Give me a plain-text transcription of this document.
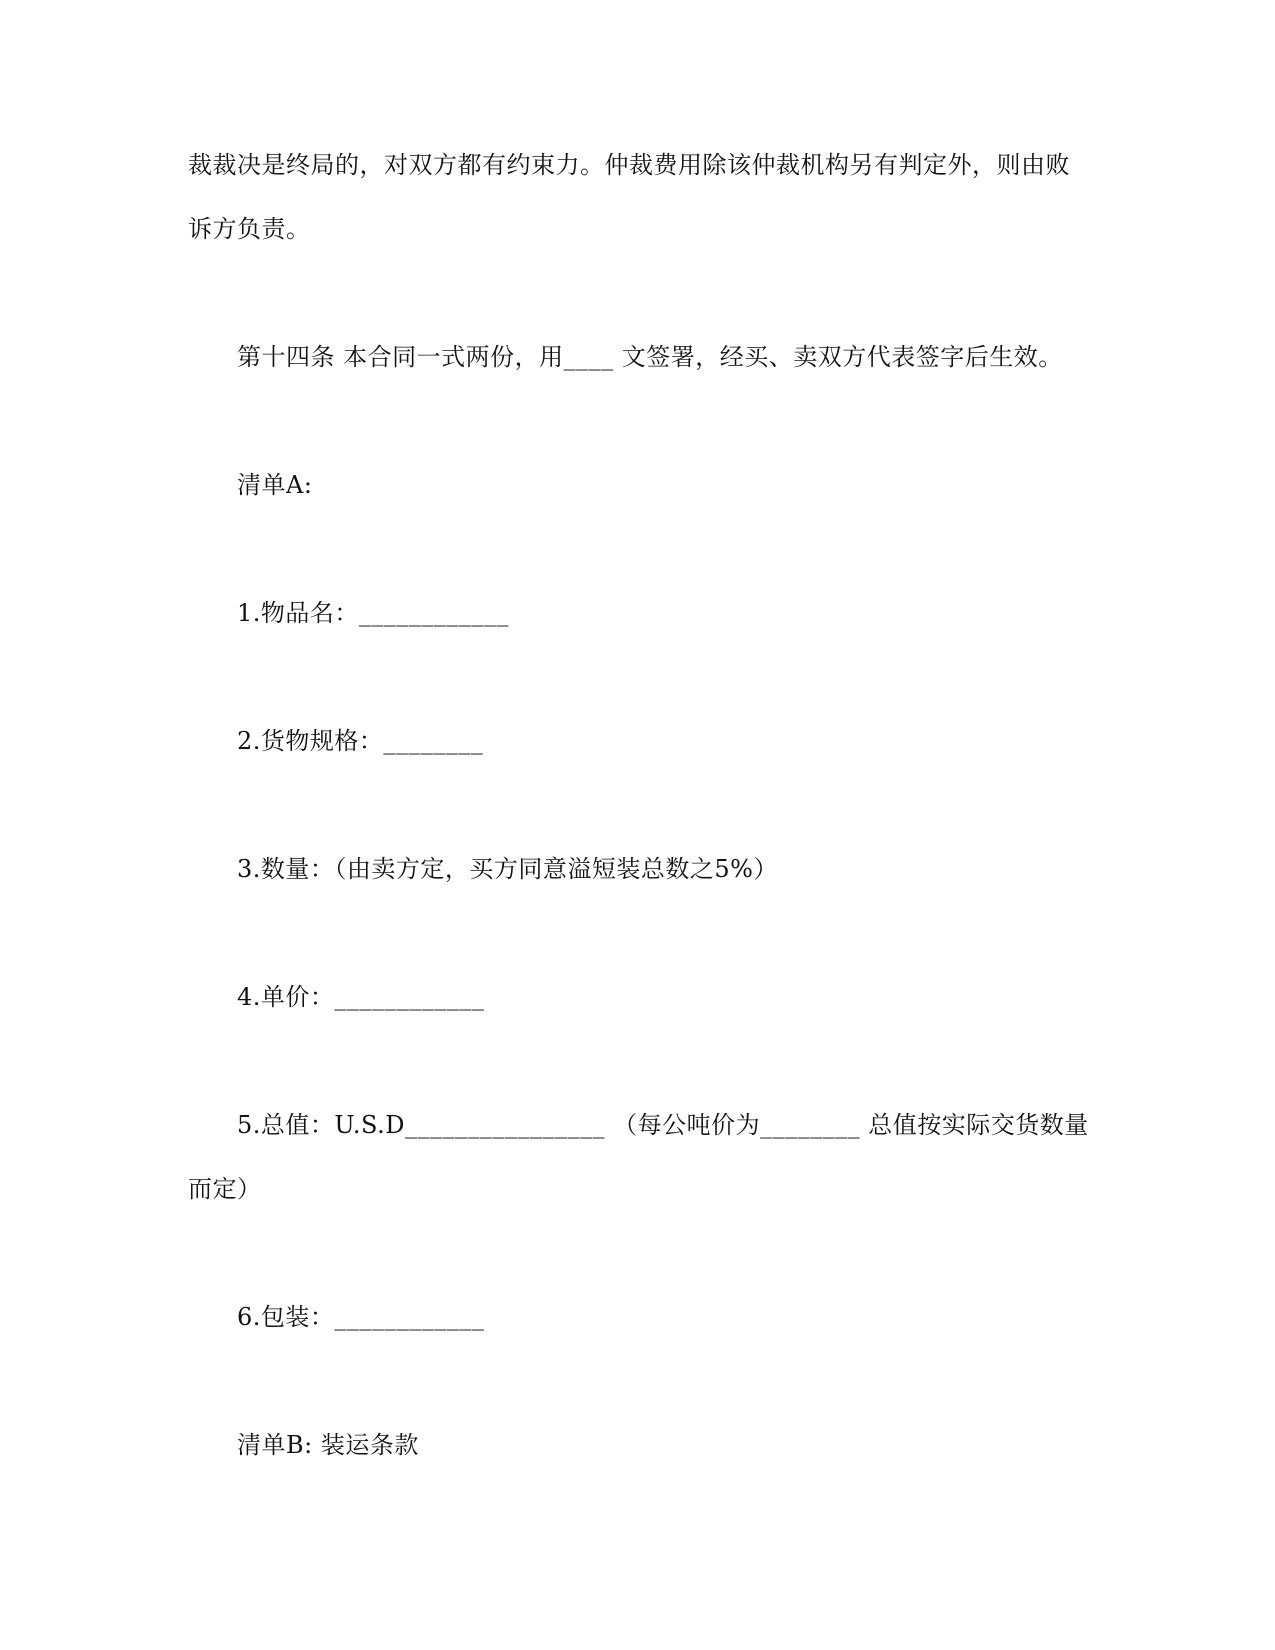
裁裁决是终局的，对双方都有约束力。仲裁费用除该仲裁机构另有判定外，则由败
诉方负责。
第十四条 本合同一式两份，用____ 文签署，经买、卖双方代表签字后生效。
清单A:
1.物品名：____________
2.货物规格：________
3.数量：（由卖方定，买方同意溢短装总数之5%）
4.单价：____________
5.总值：U.S.D________________ （每公吨价为________ 总值按实际交货数量
而定）
6.包装：____________
清单B: 装运条款
